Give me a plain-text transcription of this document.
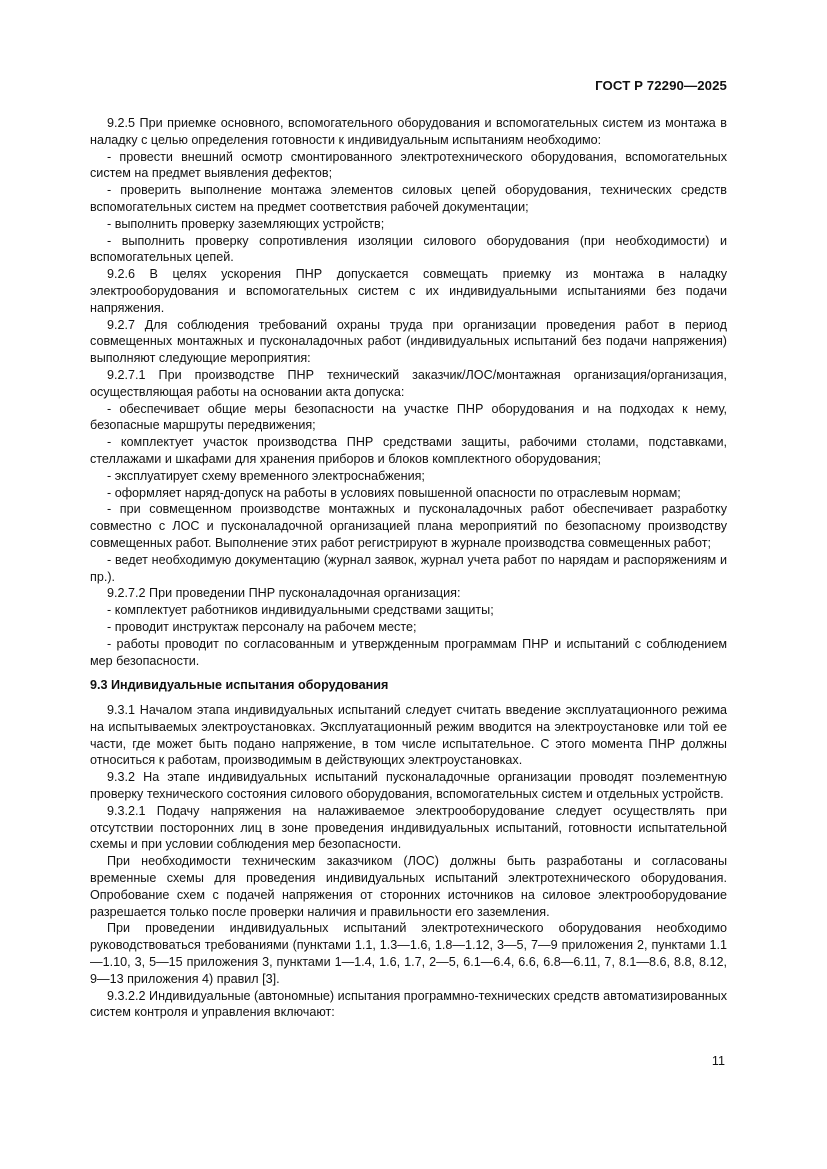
ГОСТ Р 72290—2025

9.2.5 При приемке основного, вспомогательного оборудования и вспомогательных систем из монтажа в наладку с целью определения готовности к индивидуальным испытаниям необходимо:

- провести внешний осмотр смонтированного электротехнического оборудования, вспомогательных систем на предмет выявления дефектов;

- проверить выполнение монтажа элементов силовых цепей оборудования, технических средств вспомогательных систем на предмет соответствия рабочей документации;

- выполнить проверку заземляющих устройств;

- выполнить проверку сопротивления изоляции силового оборудования (при необходимости) и вспомогательных цепей.

9.2.6 В целях ускорения ПНР допускается совмещать приемку из монтажа в наладку электрооборудования и вспомогательных систем с их индивидуальными испытаниями без подачи напряжения.

9.2.7 Для соблюдения требований охраны труда при организации проведения работ в период совмещенных монтажных и пусконаладочных работ (индивидуальных испытаний без подачи напряжения) выполняют следующие мероприятия:

9.2.7.1 При производстве ПНР технический заказчик/ЛОС/монтажная организация/организация, осуществляющая работы на основании акта допуска:

- обеспечивает общие меры безопасности на участке ПНР оборудования и на подходах к нему, безопасные маршруты передвижения;

- комплектует участок производства ПНР средствами защиты, рабочими столами, подставками, стеллажами и шкафами для хранения приборов и блоков комплектного оборудования;

- эксплуатирует схему временного электроснабжения;

- оформляет наряд-допуск на работы в условиях повышенной опасности по отраслевым нормам;

- при совмещенном производстве монтажных и пусконаладочных работ обеспечивает разработку совместно с ЛОС и пусконаладочной организацией плана мероприятий по безопасному производству совмещенных работ. Выполнение этих работ регистрируют в журнале производства совмещенных работ;

- ведет необходимую документацию (журнал заявок, журнал учета работ по нарядам и распоряжениям и пр.).

9.2.7.2 При проведении ПНР пусконаладочная организация:

- комплектует работников индивидуальными средствами защиты;

- проводит инструктаж персоналу на рабочем месте;

- работы проводит по согласованным и утвержденным программам ПНР и испытаний с соблюдением мер безопасности.

9.3 Индивидуальные испытания оборудования

9.3.1 Началом этапа индивидуальных испытаний следует считать введение эксплуатационного режима на испытываемых электроустановках. Эксплуатационный режим вводится на электроустановке или той ее части, где может быть подано напряжение, в том числе испытательное. С этого момента ПНР должны относиться к работам, производимым в действующих электроустановках.

9.3.2 На этапе индивидуальных испытаний пусконаладочные организации проводят поэлементную проверку технического состояния силового оборудования, вспомогательных систем и отдельных устройств.

9.3.2.1 Подачу напряжения на налаживаемое электрооборудование следует осуществлять при отсутствии посторонних лиц в зоне проведения индивидуальных испытаний, готовности испытательной схемы и при условии соблюдения мер безопасности.

При необходимости техническим заказчиком (ЛОС) должны быть разработаны и согласованы временные схемы для проведения индивидуальных испытаний электротехнического оборудования. Опробование схем с подачей напряжения от сторонних источников на силовое электрооборудование разрешается только после проверки наличия и правильности его заземления.

При проведении индивидуальных испытаний электротехнического оборудования необходимо руководствоваться требованиями (пунктами 1.1, 1.3—1.6, 1.8—1.12, 3—5, 7—9 приложения 2, пунктами 1.1—1.10, 3, 5—15 приложения 3, пунктами 1—1.4, 1.6, 1.7, 2—5, 6.1—6.4, 6.6, 6.8—6.11, 7, 8.1—8.6, 8.8, 8.12, 9—13 приложения 4) правил [3].

9.3.2.2 Индивидуальные (автономные) испытания программно-технических средств автоматизированных систем контроля и управления включают:

11
